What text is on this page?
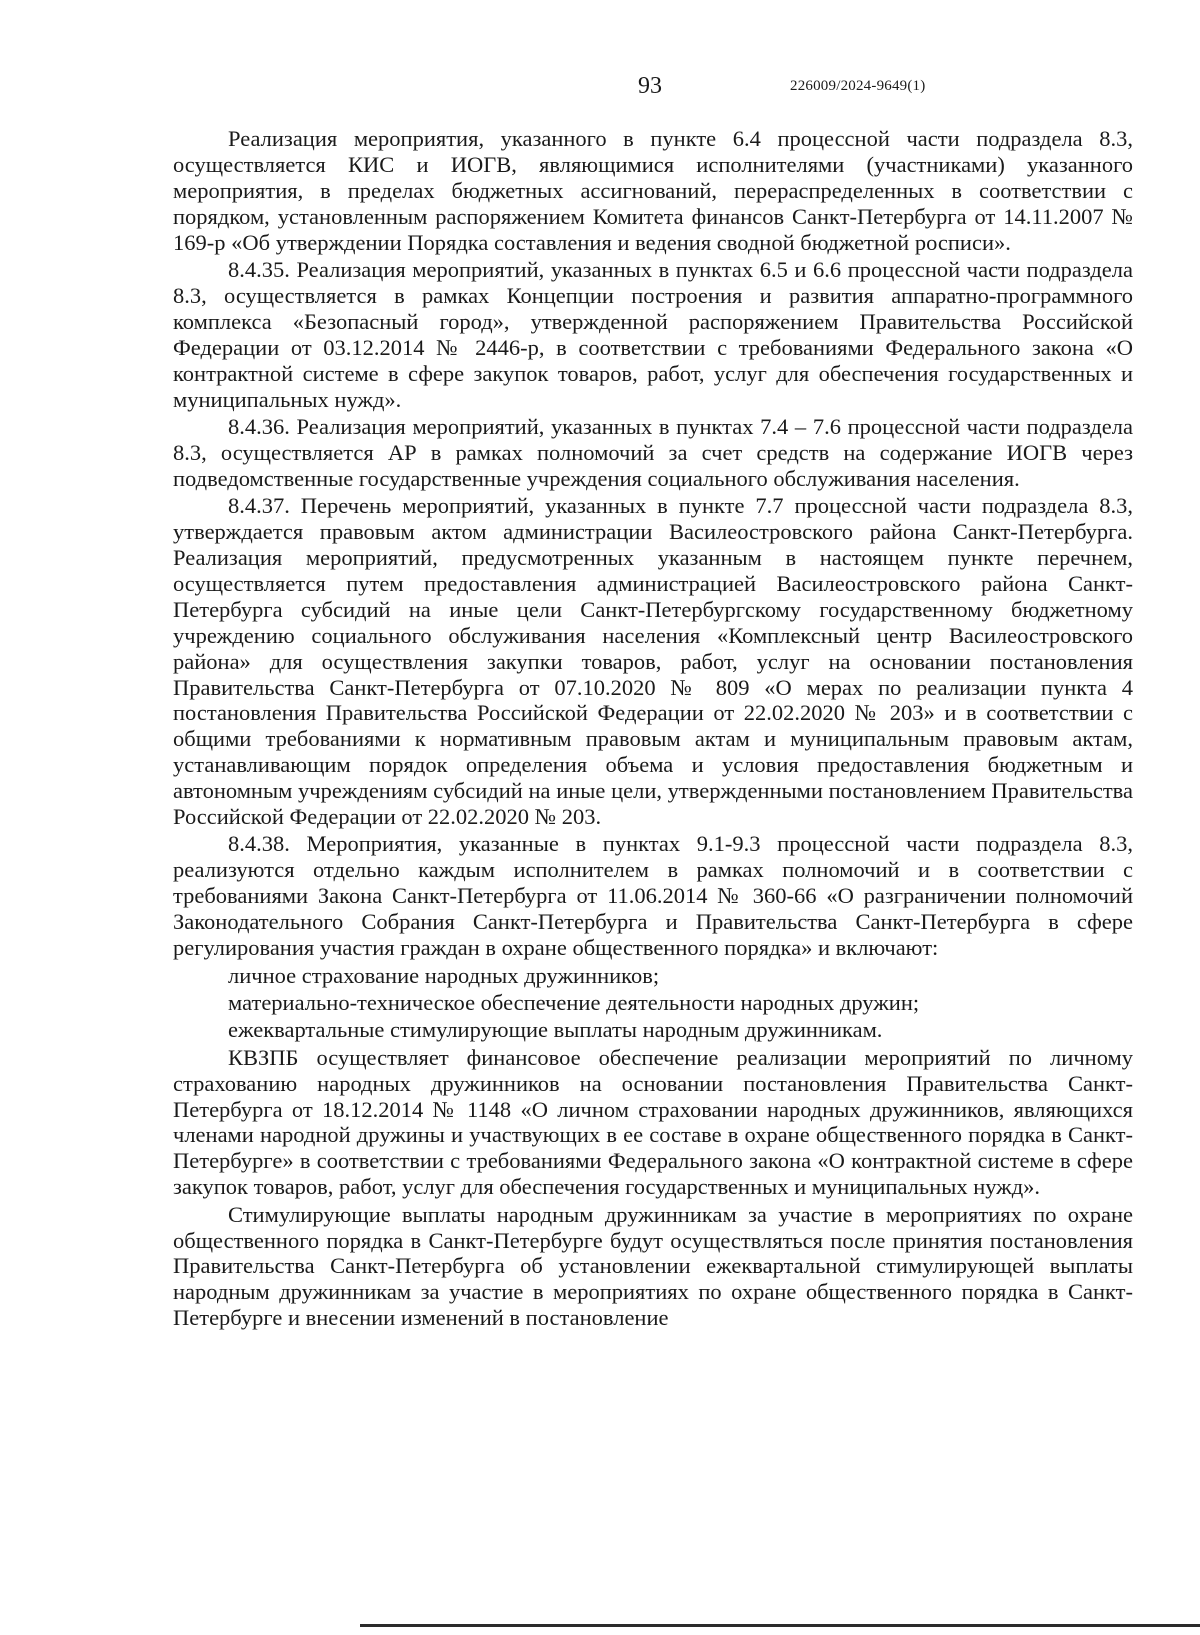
93	226009/2024-9649(1)

Реализация мероприятия, указанного в пункте 6.4 процессной части подраздела 8.3, осуществляется КИС и ИОГВ, являющимися исполнителями (участниками) указанного мероприятия, в пределах бюджетных ассигнований, перераспределенных в соответствии с порядком, установленным распоряжением Комитета финансов Санкт-Петербурга от 14.11.2007 № 169-р «Об утверждении Порядка составления и ведения сводной бюджетной росписи».

8.4.35. Реализация мероприятий, указанных в пунктах 6.5 и 6.6 процессной части подраздела 8.3, осуществляется в рамках Концепции построения и развития аппаратно-программного комплекса «Безопасный город», утвержденной распоряжением Правительства Российской Федерации от 03.12.2014 № 2446-р, в соответствии с требованиями Федерального закона «О контрактной системе в сфере закупок товаров, работ, услуг для обеспечения государственных и муниципальных нужд».

8.4.36. Реализация мероприятий, указанных в пунктах 7.4 – 7.6 процессной части подраздела 8.3, осуществляется АР в рамках полномочий за счет средств на содержание ИОГВ через подведомственные государственные учреждения социального обслуживания населения.

8.4.37. Перечень мероприятий, указанных в пункте 7.7 процессной части подраздела 8.3, утверждается правовым актом администрации Василеостровского района Санкт-Петербурга. Реализация мероприятий, предусмотренных указанным в настоящем пункте перечнем, осуществляется путем предоставления администрацией Василеостровского района Санкт-Петербурга субсидий на иные цели Санкт-Петербургскому государственному бюджетному учреждению социального обслуживания населения «Комплексный центр Василеостровского района» для осуществления закупки товаров, работ, услуг на основании постановления Правительства Санкт-Петербурга от 07.10.2020 № 809 «О мерах по реализации пункта 4 постановления Правительства Российской Федерации от 22.02.2020 № 203» и в соответствии с общими требованиями к нормативным правовым актам и муниципальным правовым актам, устанавливающим порядок определения объема и условия предоставления бюджетным и автономным учреждениям субсидий на иные цели, утвержденными постановлением Правительства Российской Федерации от 22.02.2020 № 203.

8.4.38. Мероприятия, указанные в пунктах 9.1-9.3 процессной части подраздела 8.3, реализуются отдельно каждым исполнителем в рамках полномочий и в соответствии с требованиями Закона Санкт-Петербурга от 11.06.2014 № 360-66 «О разграничении полномочий Законодательного Собрания Санкт-Петербурга и Правительства Санкт-Петербурга в сфере регулирования участия граждан в охране общественного порядка» и включают:

личное страхование народных дружинников;

материально-техническое обеспечение деятельности народных дружин;

ежеквартальные стимулирующие выплаты народным дружинникам.

КВЗПБ осуществляет финансовое обеспечение реализации мероприятий по личному страхованию народных дружинников на основании постановления Правительства Санкт-Петербурга от 18.12.2014 № 1148 «О личном страховании народных дружинников, являющихся членами народной дружины и участвующих в ее составе в охране общественного порядка в Санкт-Петербурге» в соответствии с требованиями Федерального закона «О контрактной системе в сфере закупок товаров, работ, услуг для обеспечения государственных и муниципальных нужд».

Стимулирующие выплаты народным дружинникам за участие в мероприятиях по охране общественного порядка в Санкт-Петербурге будут осуществляться после принятия постановления Правительства Санкт-Петербурга об установлении ежеквартальной стимулирующей выплаты народным дружинникам за участие в мероприятиях по охране общественного порядка в Санкт-Петербурге и внесении изменений в постановление
